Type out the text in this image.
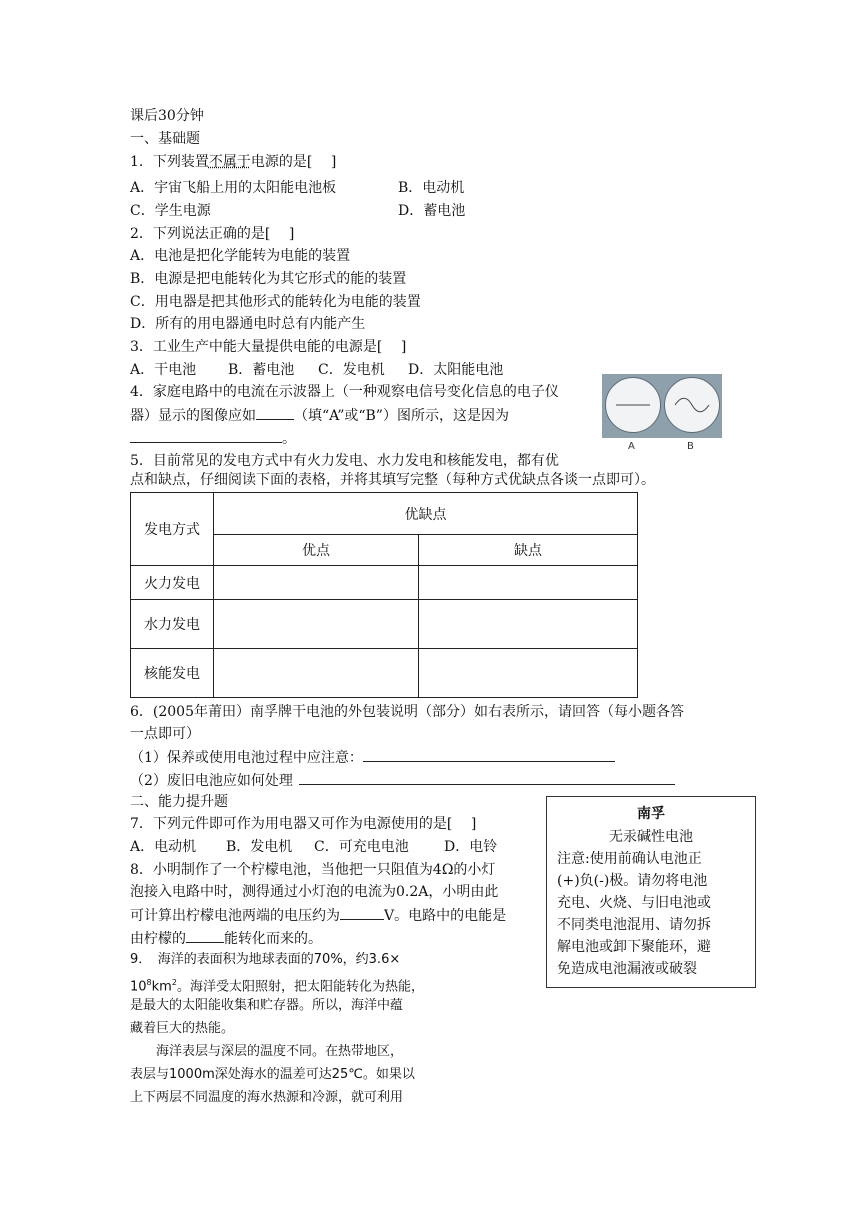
课后30分钟
一、基础题
1．下列装置不属于电源的是[　 ]
A．宇宙飞船上用的太阳能电池板	B．电动机
C．学生电源	D．蓄电池
2．下列说法正确的是[　 ]
A．电池是把化学能转为电能的装置
B．电源是把电能转化为其它形式的能的装置
C．用电器是把其他形式的能转化为电能的装置
D．所有的用电器通电时总有内能产生
3．工业生产中能大量提供电能的电源是[　 ]
A．干电池 B．蓄电池 C．发电机 D．太阳能电池
4．家庭电路中的电流在示波器上（一种观察电信号变化信息的电子仪
器）显示的图像应如	（填“A”或“B”）图所示，这是因为
。	A	B
5．目前常见的发电方式中有火力发电、水力发电和核能发电，都有优
点和缺点，仔细阅读下面的表格，并将其填写完整（每种方式优缺点各谈一点即可）。
发电方式	优缺点	
	优点	缺点
火力发电		
水力发电		
核能发电		
6．(2005年莆田）南孚牌干电池的外包装说明（部分）如右表所示，请回答（每小题各答
一点即可）
（1）保养或使用电池过程中应注意：
（2）废旧电池应如何处理
二、能力提升题
7．下列元件即可作为用电器又可作为电源使用的是[　 ]
A．电动机 B．发电机 C．可充电电池	D．电铃
8．小明制作了一个柠檬电池，当他把一只阻值为4Ω的小灯
泡接入电路中时，测得通过小灯泡的电流为0.2A，小明由此
可计算出柠檬电池两端的电压约为	V。电路中的电能是
由柠檬的	能转化而来的。
9．　海洋的表面积为地球表面的70%，约3.6×
$10^8km^2$。海洋受太阳照射，把太阳能转化为热能，
是最大的太阳能收集和贮存器。所以，海洋中蕴
藏着巨大的热能。
　　海洋表层与深层的温度不同。在热带地区，
表层与1000m深处海水的温差可达25℃。如果以
上下两层不同温度的海水热源和冷源，就可利用
南孚
无汞碱性电池
注意:使用前确认电池正
(+)负(-)极。请勿将电池
充电、火烧、与旧电池或
不同类电池混用、请勿拆
解电池或卸下聚能环，避
免造成电池漏液或破裂
